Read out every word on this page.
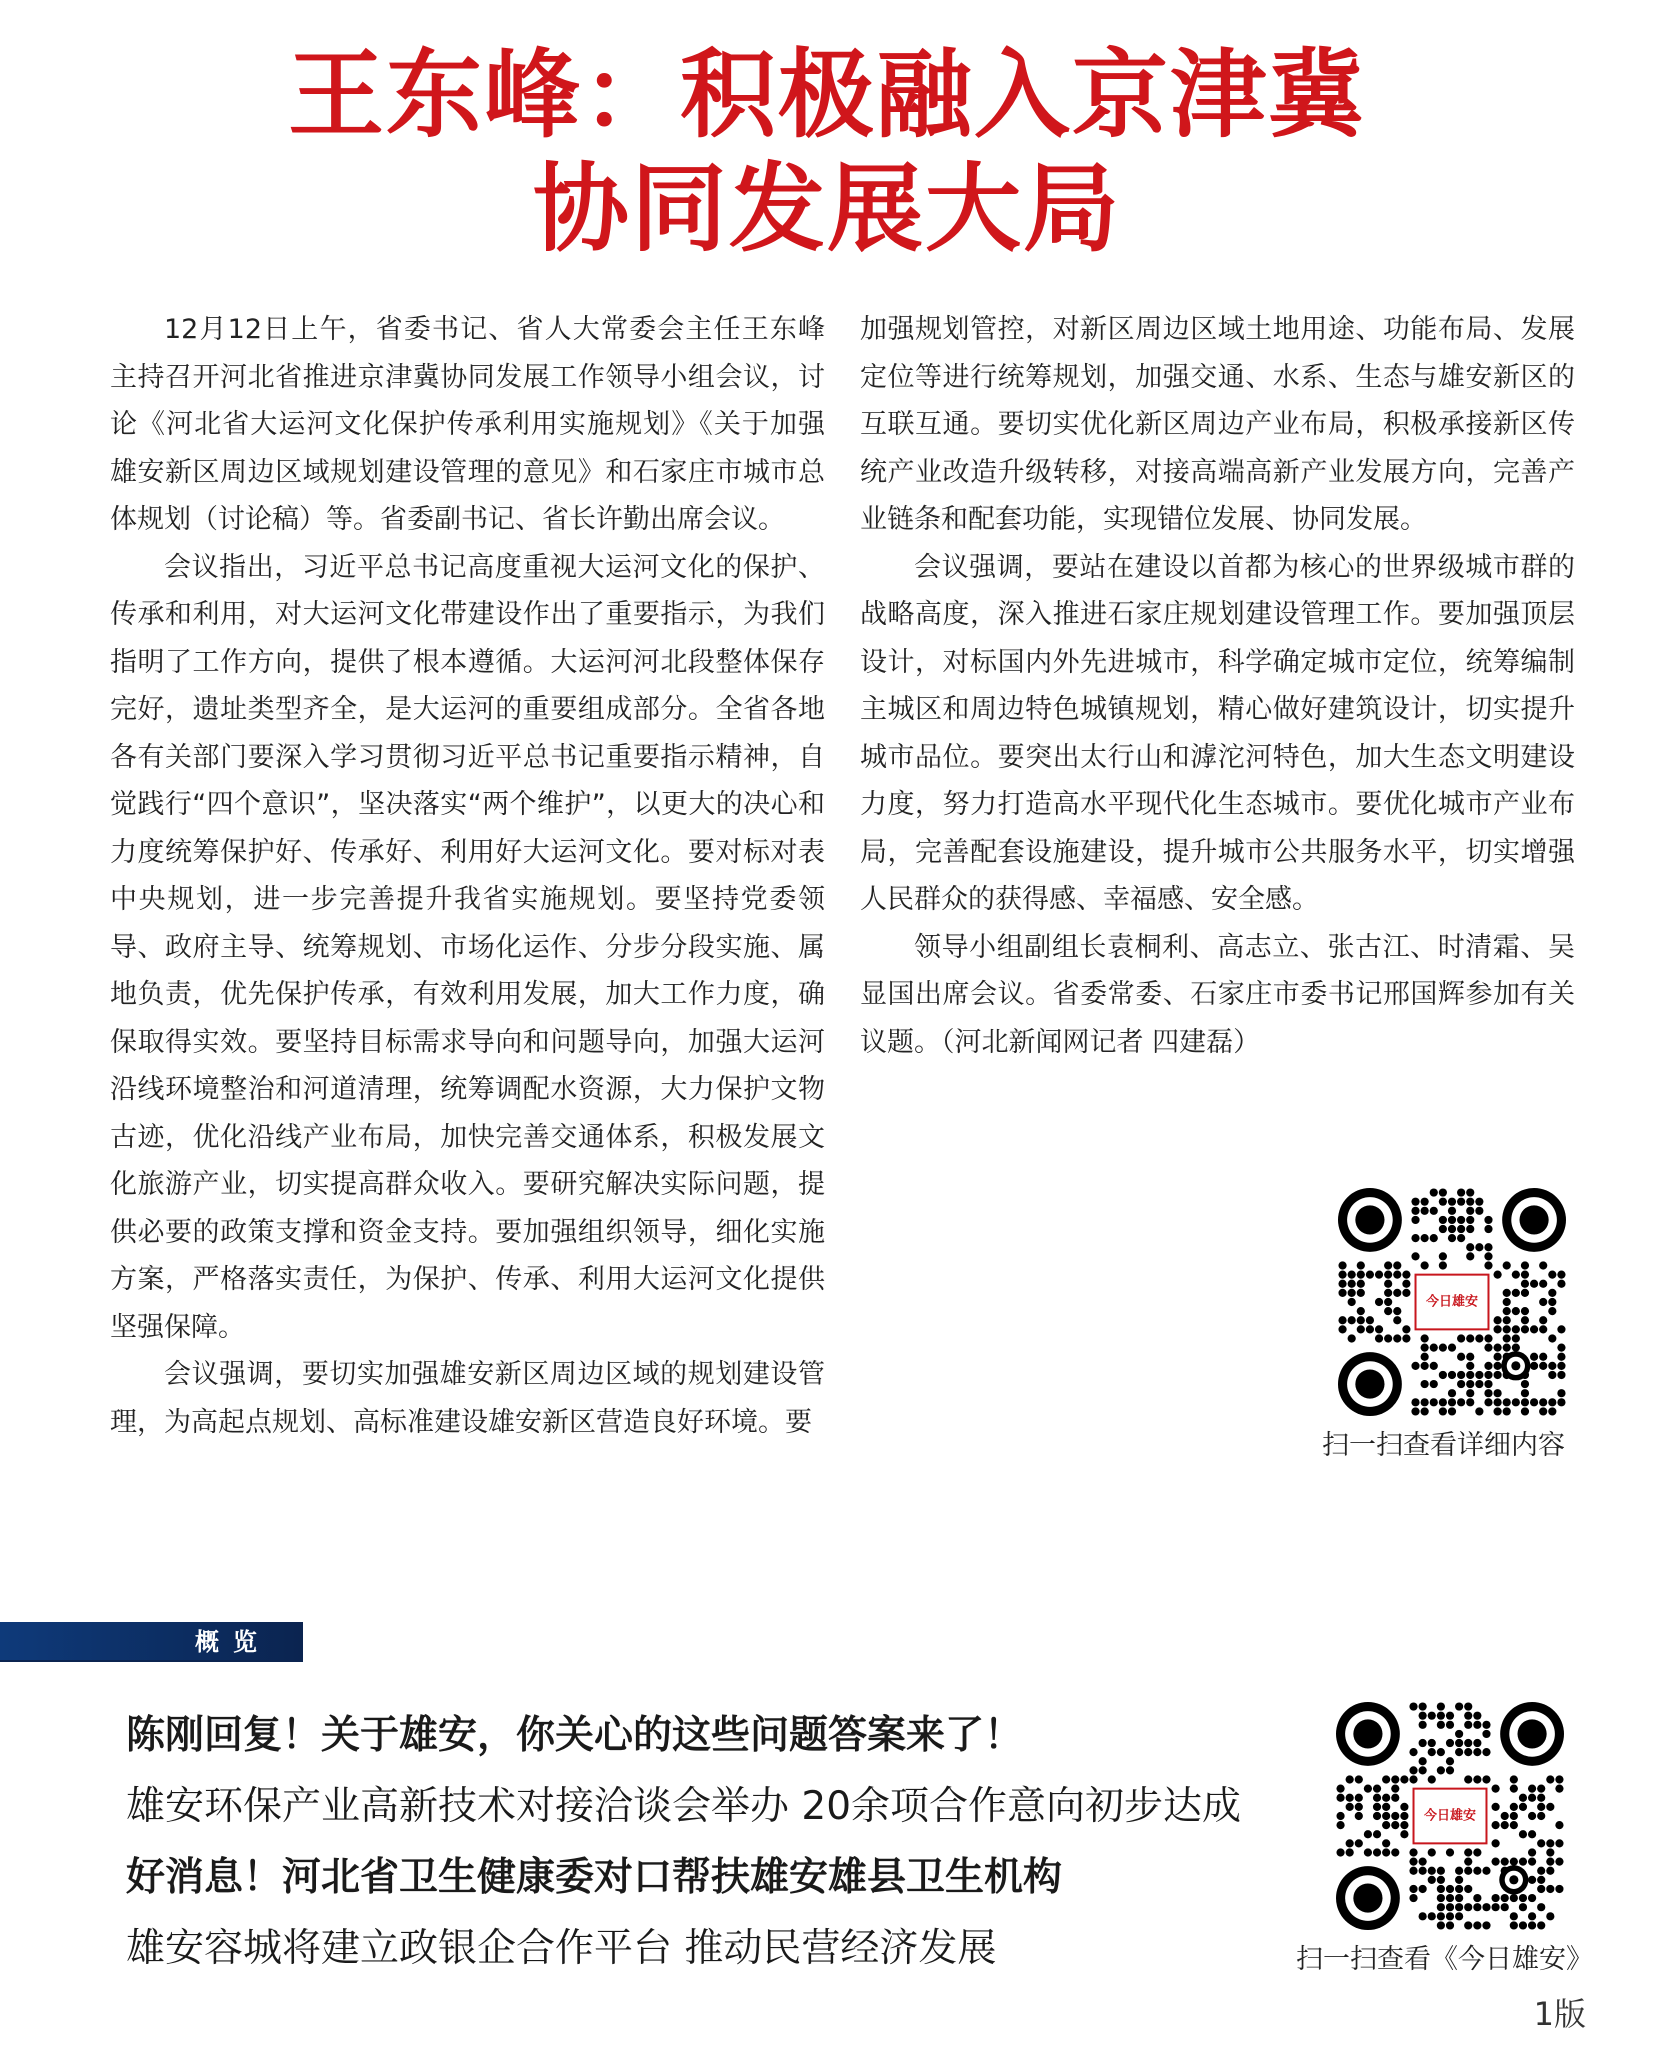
王东峰：积极融入京津冀
协同发展大局

12月12日上午，省委书记、省人大常委会主任王东峰主持召开河北省推进京津冀协同发展工作领导小组会议，讨论《河北省大运河文化保护传承利用实施规划》《关于加强雄安新区周边区域规划建设管理的意见》和石家庄市城市总体规划（讨论稿）等。省委副书记、省长许勤出席会议。

会议指出，习近平总书记高度重视大运河文化的保护、传承和利用，对大运河文化带建设作出了重要指示，为我们指明了工作方向，提供了根本遵循。大运河河北段整体保存完好，遗址类型齐全，是大运河的重要组成部分。全省各地各有关部门要深入学习贯彻习近平总书记重要指示精神，自觉践行“四个意识”，坚决落实“两个维护”，以更大的决心和力度统筹保护好、传承好、利用好大运河文化。要对标对表中央规划，进一步完善提升我省实施规划。要坚持党委领导、政府主导、统筹规划、市场化运作、分步分段实施、属地负责，优先保护传承，有效利用发展，加大工作力度，确保取得实效。要坚持目标需求导向和问题导向，加强大运河沿线环境整治和河道清理，统筹调配水资源，大力保护文物古迹，优化沿线产业布局，加快完善交通体系，积极发展文化旅游产业，切实提高群众收入。要研究解决实际问题，提供必要的政策支撑和资金支持。要加强组织领导，细化实施方案，严格落实责任，为保护、传承、利用大运河文化提供坚强保障。

会议强调，要切实加强雄安新区周边区域的规划建设管理，为高起点规划、高标准建设雄安新区营造良好环境。要

加强规划管控，对新区周边区域土地用途、功能布局、发展定位等进行统筹规划，加强交通、水系、生态与雄安新区的互联互通。要切实优化新区周边产业布局，积极承接新区传统产业改造升级转移，对接高端高新产业发展方向，完善产业链条和配套功能，实现错位发展、协同发展。

会议强调，要站在建设以首都为核心的世界级城市群的战略高度，深入推进石家庄规划建设管理工作。要加强顶层设计，对标国内外先进城市，科学确定城市定位，统筹编制主城区和周边特色城镇规划，精心做好建筑设计，切实提升城市品位。要突出太行山和滹沱河特色，加大生态文明建设力度，努力打造高水平现代化生态城市。要优化城市产业布局，完善配套设施建设，提升城市公共服务水平，切实增强人民群众的获得感、幸福感、安全感。

领导小组副组长袁桐利、高志立、张古江、时清霜、吴显国出席会议。省委常委、石家庄市委书记邢国辉参加有关议题。（河北新闻网记者 四建磊）

今日雄安
扫一扫查看详细内容
概览
陈刚回复！关于雄安，你关心的这些问题答案来了！
雄安环保产业高新技术对接洽谈会举办 20余项合作意向初步达成
好消息！河北省卫生健康委对口帮扶雄安雄县卫生机构
雄安容城将建立政银企合作平台 推动民营经济发展
今日雄安
扫一扫查看《今日雄安》
1版
